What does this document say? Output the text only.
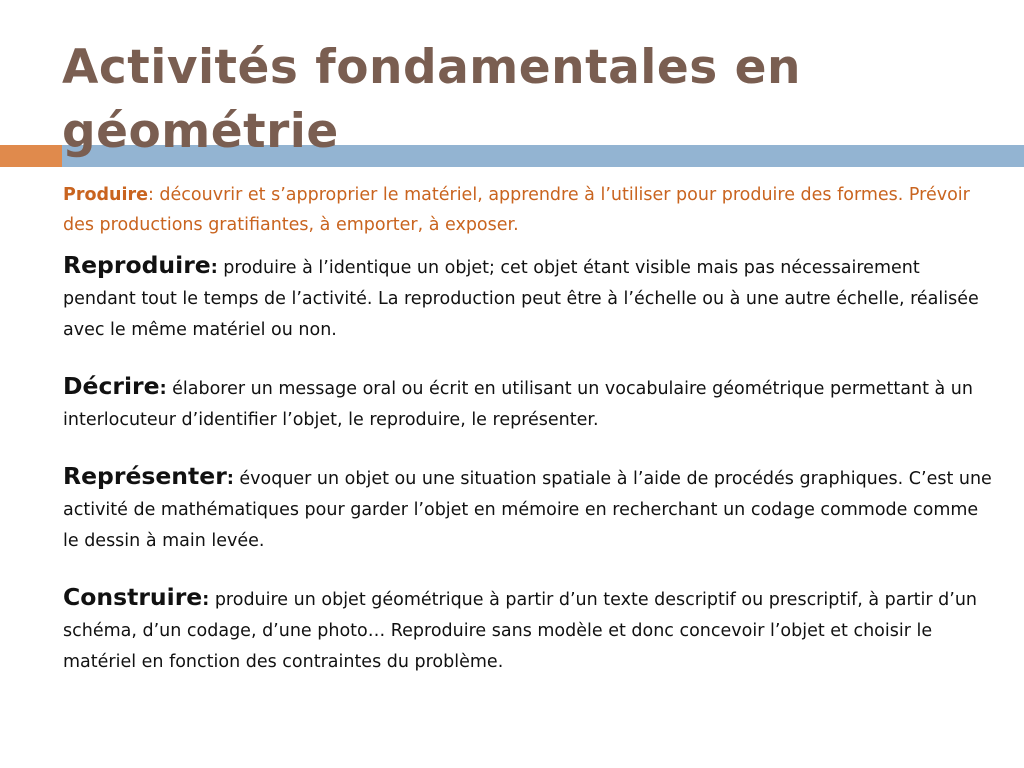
Activités fondamentales en géométrie

Produire: découvrir et s’approprier le matériel, apprendre à l’utiliser pour produire des formes. Prévoir des productions gratifiantes, à emporter, à exposer.

Reproduire: produire à l’identique un objet; cet objet étant visible mais pas nécessairement pendant tout le temps de l’activité. La reproduction peut être à l’échelle ou à une autre échelle, réalisée avec le même matériel ou non.

Décrire: élaborer un message oral ou écrit en utilisant un vocabulaire géométrique permettant à un interlocuteur d’identifier l’objet, le reproduire, le représenter.

Représenter: évoquer un objet ou une situation spatiale à l’aide de procédés graphiques. C’est une activité de mathématiques pour garder l’objet en mémoire en recherchant un codage commode comme le dessin à main levée.

Construire: produire un objet géométrique à partir d’un texte descriptif ou prescriptif, à partir d’un schéma, d’un codage, d’une photo… Reproduire sans modèle et donc concevoir l’objet et choisir le matériel en fonction des contraintes du problème.
